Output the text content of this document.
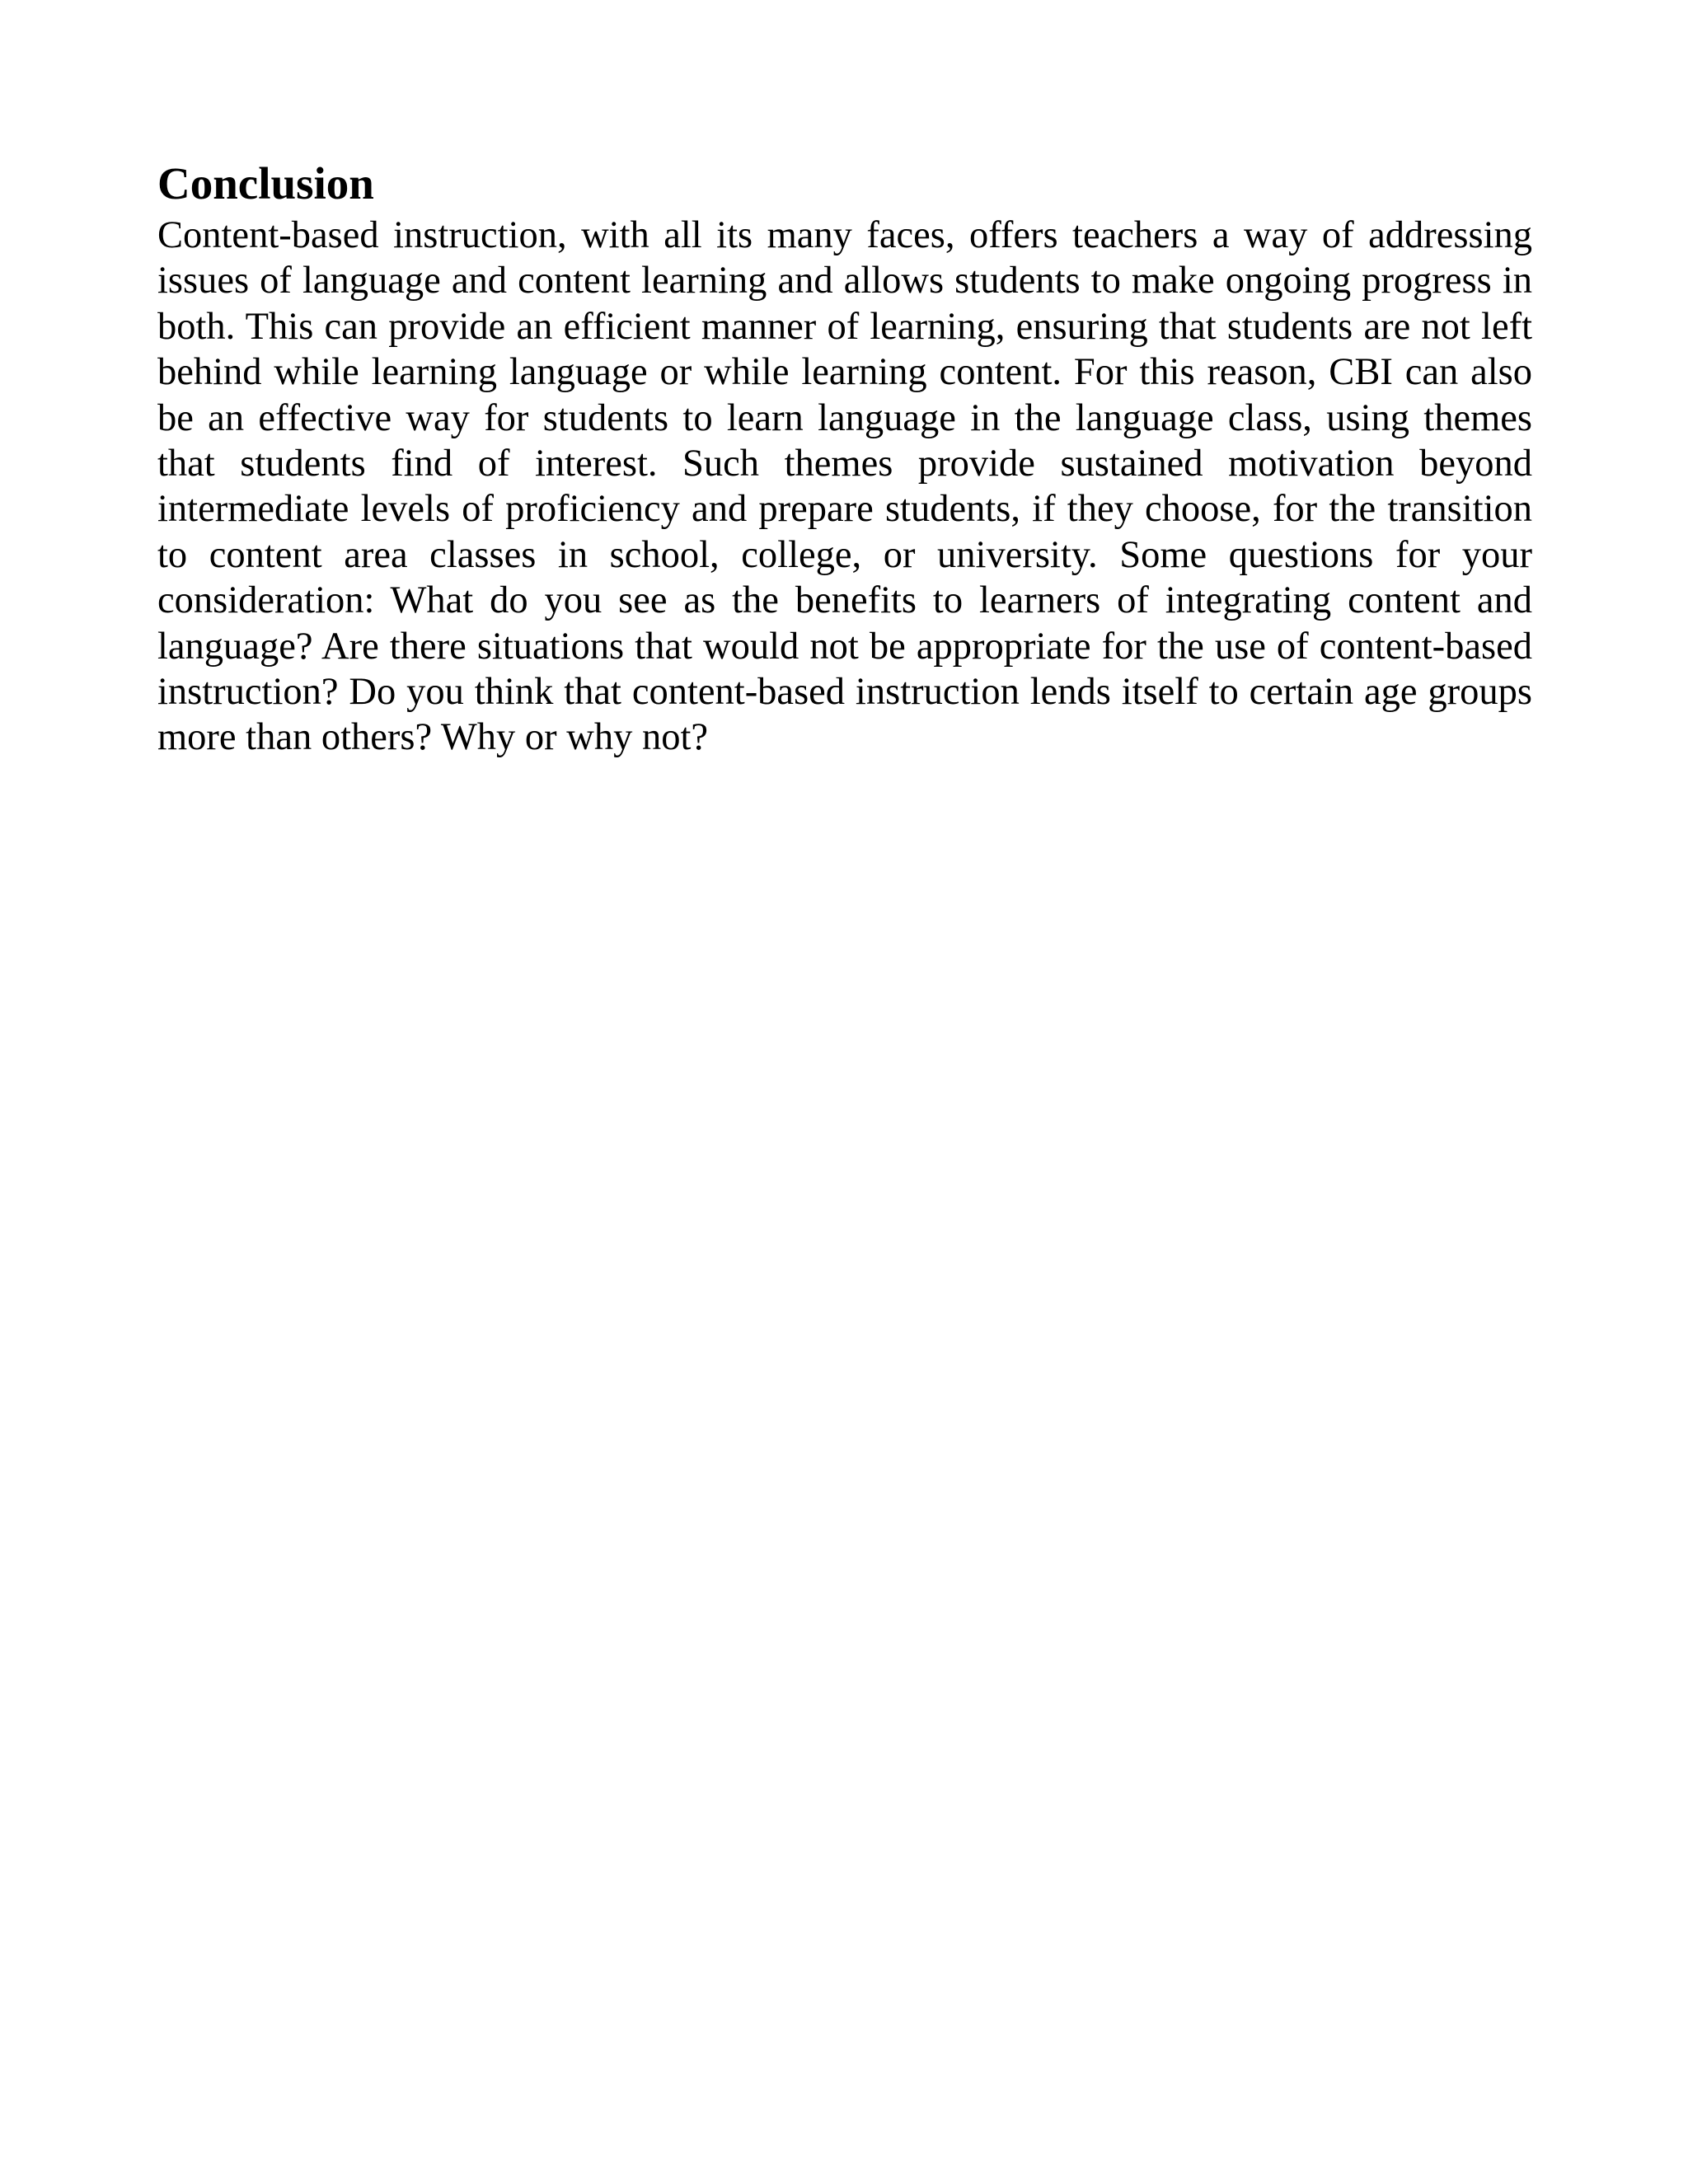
Conclusion

Content-based instruction, with all its many faces, offers teachers a way of addressing issues of language and content learning and allows students to make ongoing progress in both. This can provide an efficient manner of learning, ensuring that students are not left behind while learning language or while learning content. For this reason, CBI can also be an effective way for students to learn language in the language class, using themes that students find of interest. Such themes provide sustained motivation beyond intermediate levels of proficiency and prepare students, if they choose, for the transition to content area classes in school, college, or university. Some questions for your consideration: What do you see as the benefits to learners of integrating content and language? Are there situations that would not be appropriate for the use of content-based instruction? Do you think that content-based instruction lends itself to certain age groups more than others? Why or why not?
